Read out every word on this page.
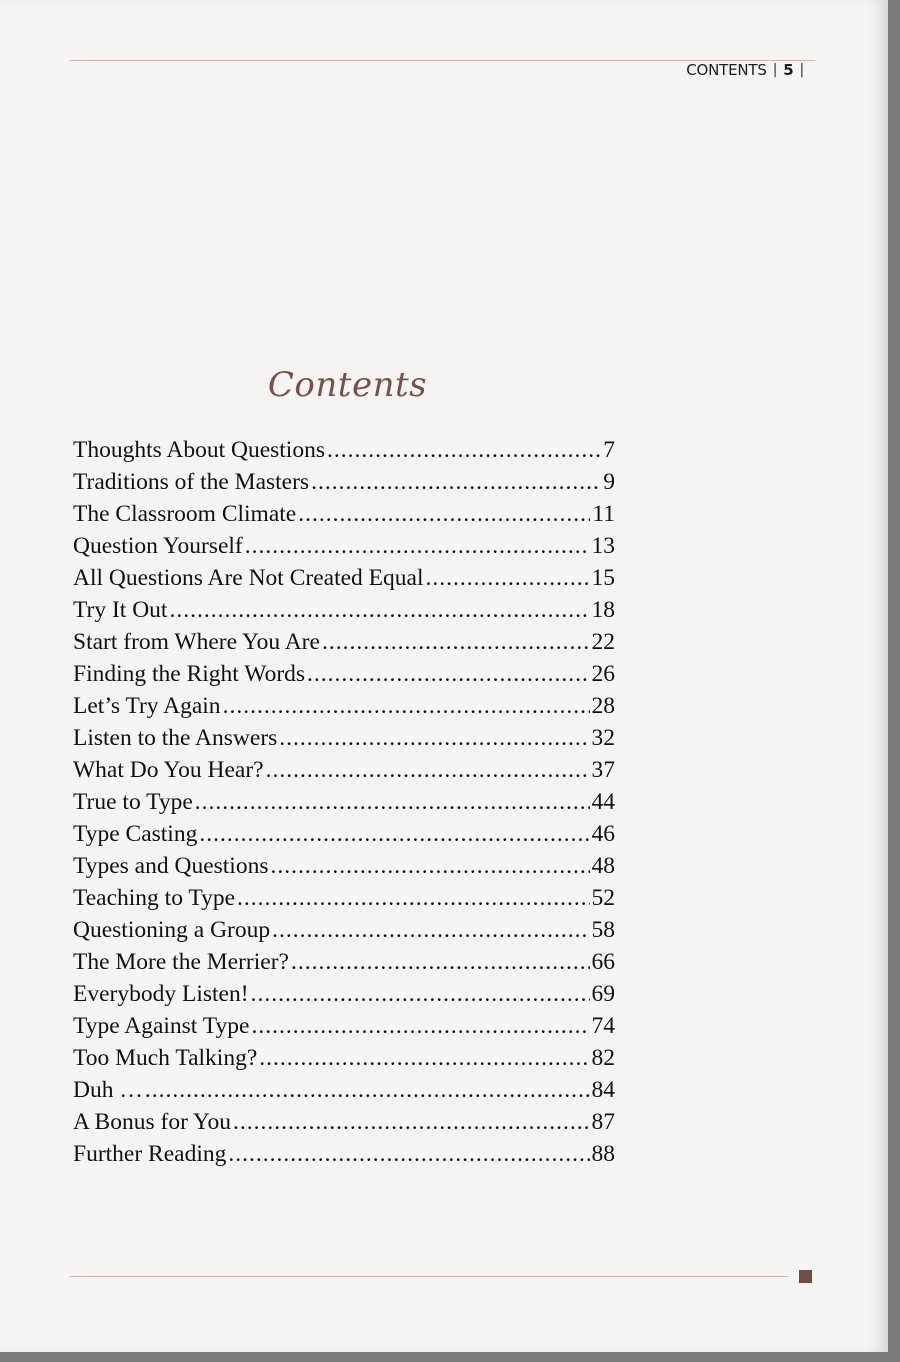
CONTENTS | 5 |
Contents
Thoughts About Questions .....	7
Traditions of the Masters .....	9
The Classroom Climate .....	11
Question Yourself .....	13
All Questions Are Not Created Equal .....	15
Try It Out .....	18
Start from Where You Are .....	22
Finding the Right Words .....	26
Let’s Try Again .....	28
Listen to the Answers .....	32
What Do You Hear? .....	37
True to Type .....	44
Type Casting .....	46
Types and Questions .....	48
Teaching to Type .....	52
Questioning a Group .....	58
The More the Merrier? .....	66
Everybody Listen! .....	69
Type Against Type .....	74
Too Much Talking? .....	82
Duh … .....	84
A Bonus for You .....	87
Further Reading .....	88
